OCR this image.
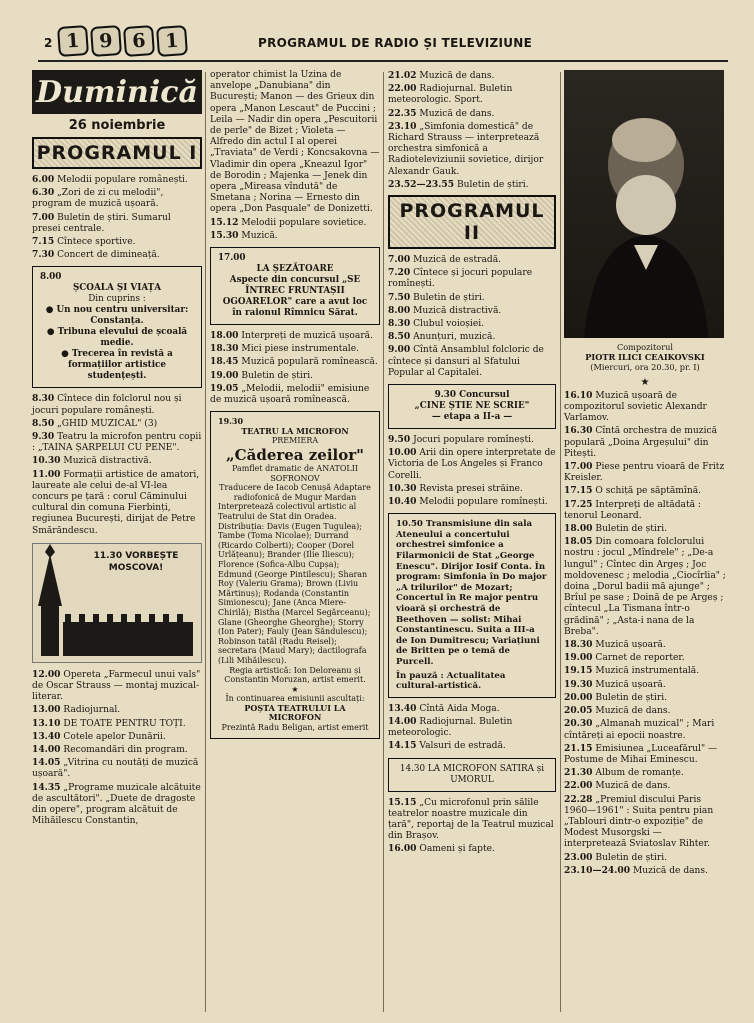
2 1 9 6 1	PROGRAMUL DE RADIO ȘI TELEVIZIUNE
Duminică
26 noiembrie
PROGRAMUL I
6.00 Melodii populare românești.
6.30 „Zori de zi cu melodii", program de muzică ușoară.
7.00 Buletin de știri. Sumarul presei centrale.
7.15 Cîntece sportive.
7.30 Concert de dimineață.
8.00
ȘCOALA ȘI VIAȚA
Din cuprins :
● Un nou centru universitar: Constanța.
● Tribuna elevului de școală medie.
● Trecerea în revistă a formațiilor artistice studențești.
8.30 Cîntece din folclorul nou și jocuri populare românești.
8.50 „GHID MUZICAL" (3)
9.30 Teatru la microfon pentru copii : „TAINA ȘARPELUI CU PENE".
10.30 Muzică distractivă.
11.00 Formații artistice de amatori, laureate ale celui de-al VI-lea concurs pe țară : corul Căminului cultural din comuna Fierbinți, regiunea București, dirijat de Petre Smărăndescu.
11.30 VORBEȘTE MOSCOVA!
12.00 Opereta „Farmecul unui vals" de Oscar Strauss — montaj muzical-literar.
13.00 Radiojurnal.
13.10 DE TOATE PENTRU TOȚI.
13.40 Cotele apelor Dunării.
14.00 Recomandări din program.
14.05 „Vitrina cu noutăți de muzică ușoară".
14.35 „Programe muzicale alcătuite de ascultători". „Duete de dragoste din opere", program alcătuit de Mihăilescu Constantin,
operator chimist la Uzina de anvelope „Danubiana" din București; Manon — des Grieux din opera „Manon Lescaut" de Puccini ; Leila — Nadir din opera „Pescuitorii de perle" de Bizet ; Violeta — Alfredo din actul I al operei „Traviata" de Verdi ; Koncsakovna — Vladimir din opera „Kneazul Igor" de Borodin ; Majenka — Jenek din opera „Mireasa vîndută" de Smetana ; Norina — Ernesto din opera „Don Pasquale" de Donizetti.
15.12 Melodii populare sovietice.
15.30 Muzică.
17.00
LA ȘEZĂTOARE
Aspecte din concursul „SE ÎNTREC FRUNTAȘII OGOARELOR" care a avut loc în raionul Rîmnicu Sărat.
18.00 Interpreți de muzică ușoară.
18.30 Mici piese instrumentale.
18.45 Muzică populară romînească.
19.00 Buletin de știri.
19.05 „Melodii, melodii" emisiune de muzică ușoară romînească.
19.30
TEATRU LA MICROFON
PREMIERA
„Căderea zeilor"
Pamflet dramatic de ANATOLII SOFRONOV
Traducere de Iacob Cenușă Adaptare radiofonică de Mugur Mardan
Interpretează colectivul artistic al Teatrului de Stat din Oradea. Distribuția: Davis (Eugen Tugulea); Tambe (Toma Nicolae); Durrand (Ricardo Colberti); Cooper (Dorel Urlățeanu); Brander (Ilie Iliescu); Florence (Sofica-Albu Cupșa); Edmund (George Pintilescu); Sharan Roy (Valeriu Grama); Brown (Liviu Mărtinuș); Rodanda (Constantin Simionescu); Jane (Anca Miere-Chirilă); Bistha (Marcel Segărceanu); Glane (Gheorghe Gheorghe); Storry (Ion Pater); Fauly (Jean Săndulescu); Robinson tatăl (Radu Reisel); secretara (Maud Mary); dactilografa (Lili Mihăilescu).
Regia artistică: Ion Deloreanu și Constantin Moruzan, artist emerit.
★
În continuarea emisiunii ascultați:
POȘTA TEATRULUI LA MICROFON
Prezintă Radu Beligan, artist emerit
21.02 Muzică de dans.
22.00 Radiojurnal. Buletin meteorologic. Sport.
22.35 Muzică de dans.
23.10 „Simfonia domestică" de Richard Strauss — interpretează orchestra simfonică a Radioteleviziunii sovietice, dirijor Alexandr Gauk.
23.52—23.55 Buletin de știri.
PROGRAMUL II
7.00 Muzică de estradă.
7.20 Cîntece și jocuri populare romînești.
7.50 Buletin de știri.
8.00 Muzică distractivă.
8.30 Clubul voioșiei.
8.50 Anunțuri, muzică.
9.00 Cîntă Ansamblul folcloric de cîntece și dansuri al Sfatului Popular al Capitalei.
9.30 Concursul
„CINE ȘTIE NE SCRIE"
— etapa a II-a —
9.50 Jocuri populare romînești.
10.00 Arii din opere interpretate de Victoria de Los Angeles și Franco Corelli.
10.30 Revista presei străine.
10.40 Melodii populare romînești.
10.50 Transmisiune din sala Ateneului a concertului orchestrei simfonice a Filarmonicii de Stat „George Enescu". Dirijor Iosif Conta. În program: Simfonia în Do major „A trilurilor" de Mozart; Concertul în Re major pentru vioară și orchestră de Beethoven — solist: Mihai Constantinescu. Suita a III-a de Ion Dumitrescu; Variațiuni de Britten pe o temă de Purcell.
În pauză : Actualitatea cultural-artistică.
13.40 Cîntă Aida Moga.
14.00 Radiojurnal. Buletin meteorologic.
14.15 Valsuri de estradă.
14.30 LA MICROFON SATIRA și UMORUL
15.15 „Cu microfonul prin sălile teatrelor noastre muzicale din țară", reportaj de la Teatrul muzical din Brașov.
16.00 Oameni și fapte.
Compozitorul
PIOTR ILICI CEAIKOVSKI
(Miercuri, ora 20.30, pr. I)
★
16.10 Muzică ușoară de compozitorul sovietic Alexandr Varlamov.
16.30 Cîntă orchestra de muzică populară „Doina Argeșului" din Pitești.
17.00 Piese pentru vioară de Fritz Kreisler.
17.15 O schiță pe săptămînă.
17.25 Interpreți de altădată : tenorul Leonard.
18.00 Buletin de știri.
18.05 Din comoara folclorului nostru : jocul „Mîndrele" ; „De-a lungul" ; Cîntec din Argeș ; Joc moldovenesc ; melodia „Ciocîrlia" ; doina „Dorul badii mă ajunge" ; Brîul pe sase ; Doină de pe Argeș ; cîntecul „La Tismana într-o grădină" ; „Asta-i nana de la Breba".
18.30 Muzică ușoară.
19.00 Carnet de reporter.
19.15 Muzică instrumentală.
19.30 Muzică ușoară.
20.00 Buletin de știri.
20.05 Muzică de dans.
20.30 „Almanah muzical" ; Mari cîntăreți ai epocii noastre.
21.15 Emisiunea „Luceafărul" — Postume de Mihai Eminescu.
21.30 Album de romanțe.
22.00 Muzică de dans.
22.28 „Premiul discului Paris 1960—1961" : Suita pentru pian „Tablouri dintr-o expoziție" de Modest Musorgski — interpretează Sviatoslav Rihter.
23.00 Buletin de știri.
23.10—24.00 Muzică de dans.
